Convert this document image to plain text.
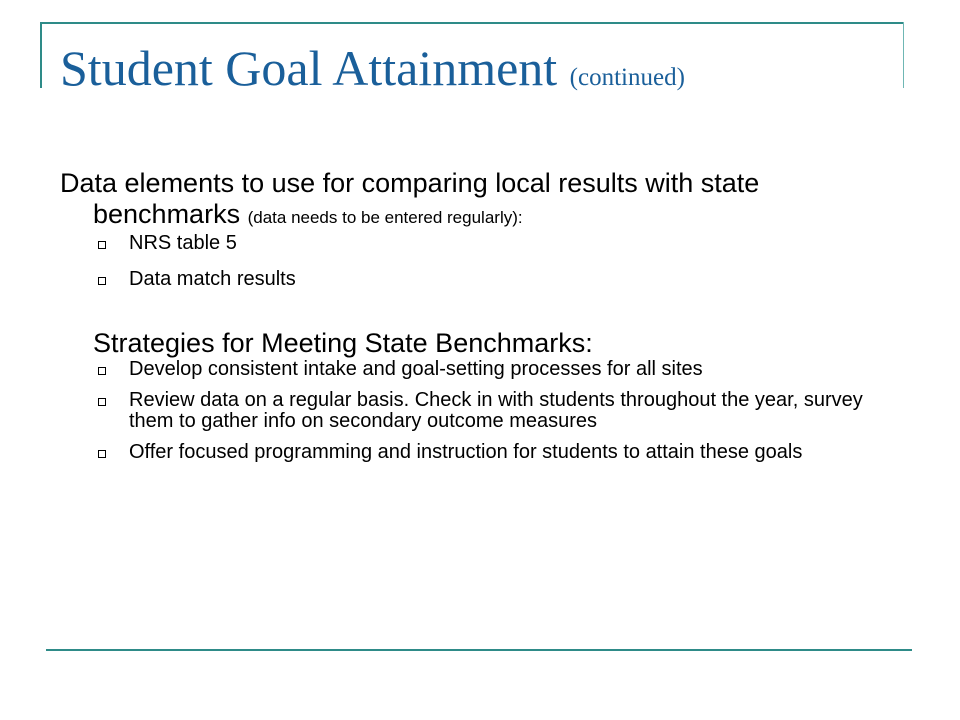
Student Goal Attainment (continued)

Data elements to use for comparing local results with state benchmarks (data needs to be entered regularly):

NRS table 5
Data match results

Strategies for Meeting State Benchmarks:

Develop consistent intake and goal-setting processes for all sites
Review data on a regular basis. Check in with students throughout the year, survey them to gather info on secondary outcome measures
Offer focused programming and instruction for students to attain these goals
